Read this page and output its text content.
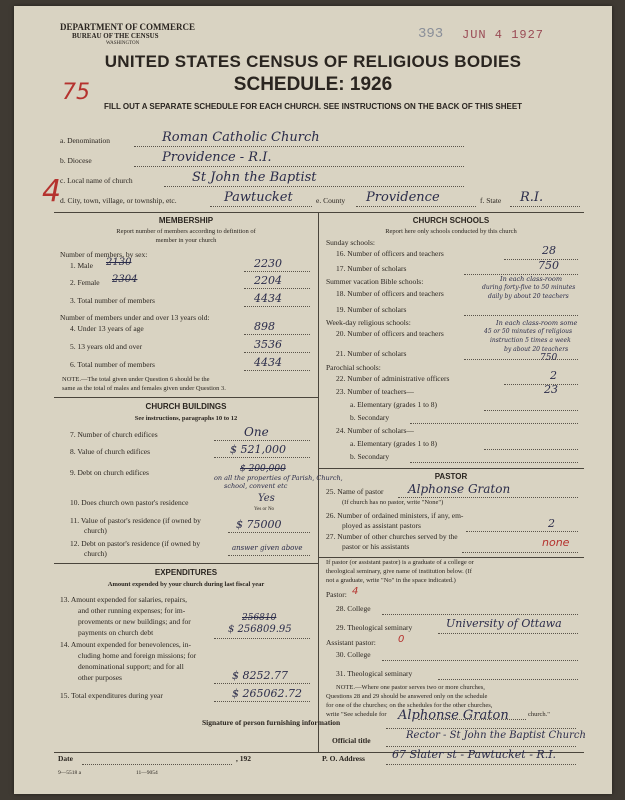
DEPARTMENT OF COMMERCE
BUREAU OF THE CENSUS
WASHINGTON
393 JUN 4 1927
UNITED STATES CENSUS OF RELIGIOUS BODIES
SCHEDULE: 1926
75
FILL OUT A SEPARATE SCHEDULE FOR EACH CHURCH. SEE INSTRUCTIONS ON THE BACK OF THIS SHEET
4
a. Denomination	Roman Catholic Church
b. Diocese	Providence - R.I.
c. Local name of church	St John the Baptist
d. City, town, village, or township, etc.	Pawtucket	e. County Providence	f. State R.I.
MEMBERSHIP
Report number of members according to definition of
member in your church
Number of members, by sex:
1. Male 2130	2230
2. Female 2304	2204
3. Total number of members	4434
Number of members under and over 13 years old:
4. Under 13 years of age	898
5. 13 years old and over	3536
6. Total number of members	4434
NOTE.—The total given under Question 6 should be the
same as the total of males and females given under Question 3.
CHURCH BUILDINGS
See instructions, paragraphs 10 to 12
7. Number of church edifices	One
8. Value of church edifices	$ 521,000
9. Debt on church edifices	$ 200,000
on all the properties of Parish, Church,
school, convent etc
10. Does church own pastor's residence	Yes
Yes or No
11. Value of pastor's residence (if owned by
church)	$ 75000
12. Debt on pastor's residence (if owned by
church)
answer given above
EXPENDITURES
Amount expended by your church during last fiscal year
13. Amount expended for salaries, repairs,
and other running expenses; for im-
provements or new buildings; and for
payments on church debt
256810
$ 256809.95
14. Amount expended for benevolences, in-
cluding home and foreign missions; for
denominational support; and for all
other purposes	$ 8252.77
15. Total expenditures during year	$ 265062.72
CHURCH SCHOOLS
Report here only schools conducted by this church
Sunday schools:
16. Number of officers and teachers	28
17. Number of scholars	750
Summer vacation Bible schools:
18. Number of officers and teachers
In each class-room
during forty-five to 50 minutes
daily by about 20 teachers
19. Number of scholars
Week-day religious schools:
20. Number of officers and teachers
In each class-room some
45 or 50 minutes of religious
instruction 5 times a week
by about 20 teachers
21. Number of scholars	750
Parochial schools:
22. Number of administrative officers	2
23. Number of teachers—	23
a. Elementary (grades 1 to 8)
b. Secondary
24. Number of scholars—
a. Elementary (grades 1 to 8)
b. Secondary
PASTOR
25. Name of pastor Alphonse Graton
(If church has no pastor, write "None")
26. Number of ordained ministers, if any, em-
ployed as assistant pastors	2
27. Number of other churches served by the
pastor or his assistants	none
If pastor (or assistant pastor) is a graduate of a college or
theological seminary, give name of institution below. (If
not a graduate, write "No" in the space indicated.)
Pastor: 4
28. College
29. Theological seminary	University of Ottawa
Assistant pastor: 0
30. College
31. Theological seminary
NOTE.—Where one pastor serves two or more churches,
Questions 28 and 29 should be answered only on the schedule
for one of the churches; on the schedules for the other churches,
write "See schedule for	church."
Signature of person furnishing information	Alphonse Graton
Official title	Rector - St John the Baptist Church
Date	, 192	P. O. Address 67 Slater st - Pawtucket - R.I.
9—5518 a	11—9054
